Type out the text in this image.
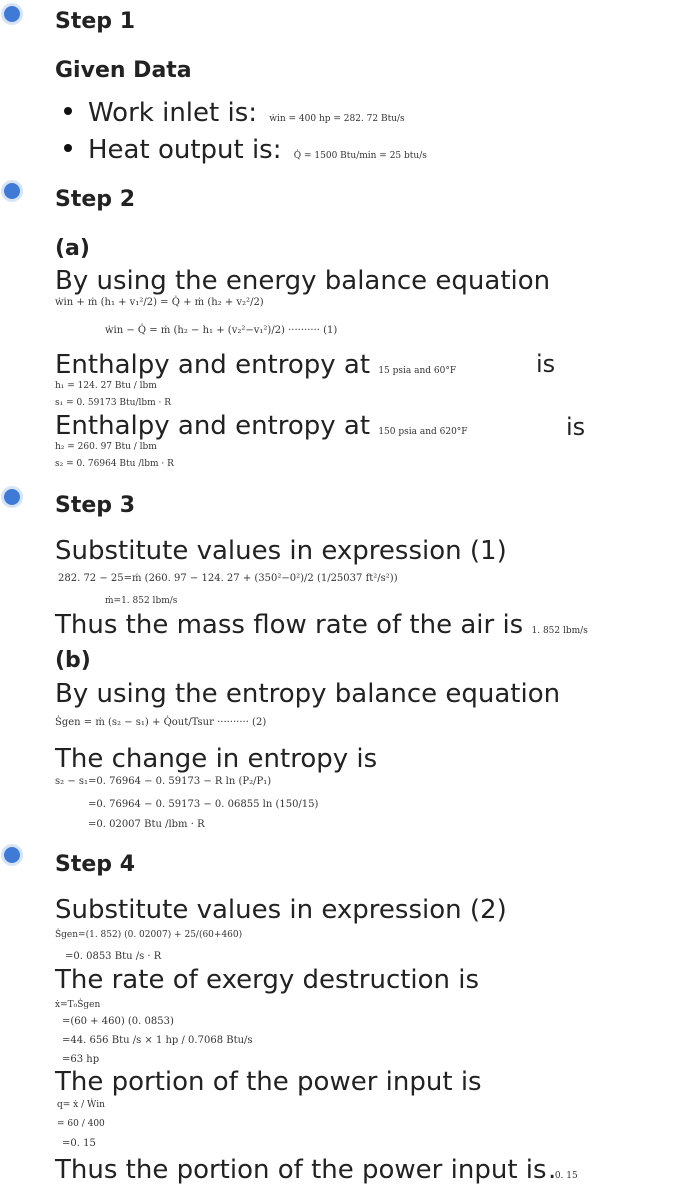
Step 1
Given Data
Work inlet is: ẇin = 400 hp = 282. 72 Btu/s
Heat output is: Q̇ = 1500 Btu/min = 25 btu/s
Step 2
(a)
By using the energy balance equation
ẇin + ṁ (h₁ + v₁²/2) = Q̇ + ṁ (h₂ + v₂²/2)
ẇin − Q̇ = ṁ (h₂ − h₁ + (v₂²−v₁²)/2) ·········· (1)
Enthalpy and entropy at 15 psia and 60°F	is
h₁ = 124. 27 Btu / lbm
s₁ = 0. 59173 Btu/lbm · R
Enthalpy and entropy at 150 psia and 620°F	is
h₂ = 260. 97 Btu / lbm
s₂ = 0. 76964 Btu /lbm · R
Step 3
Substitute values in expression (1)
282. 72 − 25=ṁ (260. 97 − 124. 27 + (350²−0²)/2 (1/25037 ft²/s²))
ṁ=1. 852 lbm/s
Thus the mass flow rate of the air is 1. 852 lbm/s
(b)
By using the entropy balance equation
Ṡgen = ṁ (s₂ − s₁) + Q̇out/Tsur ·········· (2)
The change in entropy is
s₂ − s₁=0. 76964 − 0. 59173 − R ln (P₂/P₁)
=0. 76964 − 0. 59173 − 0. 06855 ln (150/15)
=0. 02007 Btu /lbm · R
Step 4
Substitute values in expression (2)
Ṡgen=(1. 852) (0. 02007) + 25/(60+460)
=0. 0853 Btu /s · R
The rate of exergy destruction is
ẋ=T₀Ṡgen
=(60 + 460) (0. 0853)
=44. 656 Btu /s × 1 hp / 0.7068 Btu/s
=63 hp
The portion of the power input is
q= ẋ / Ẇin
= 60 / 400
=0. 15
Thus the portion of the power input is 0. 15
.
